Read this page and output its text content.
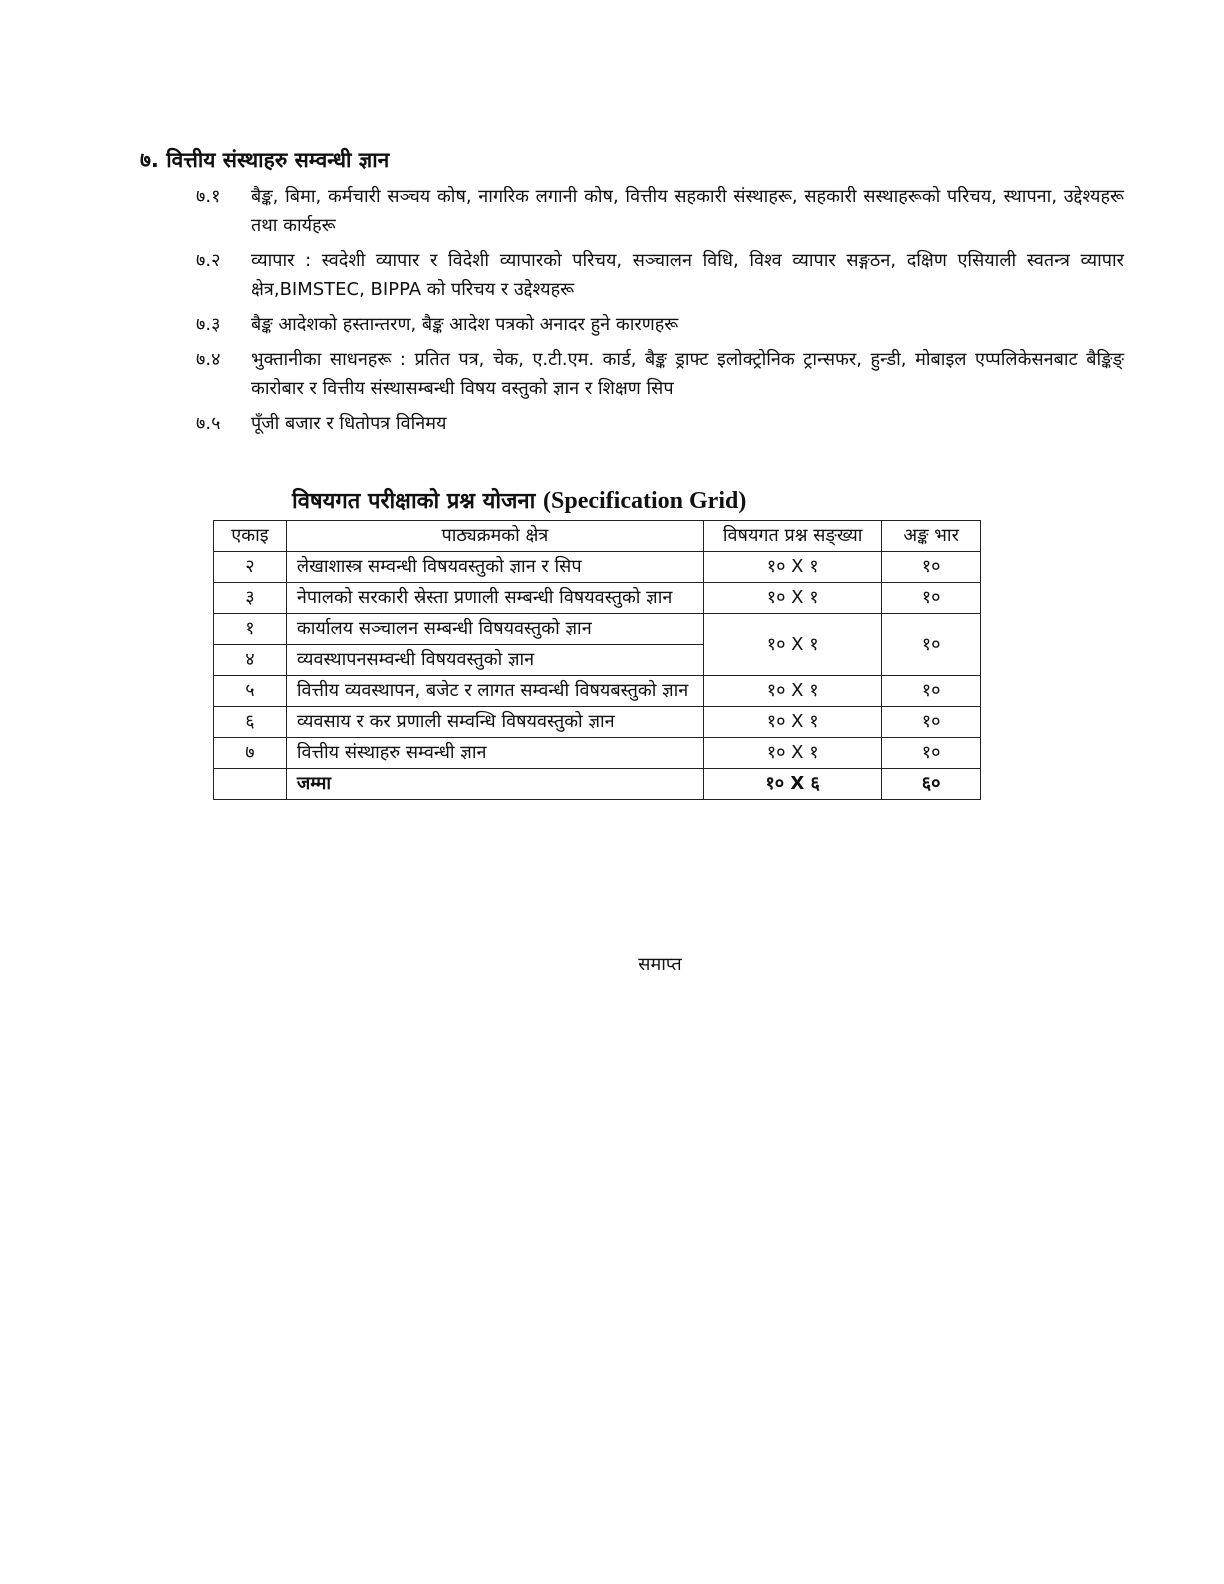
७. वित्तीय संस्थाहरु सम्वन्धी ज्ञान
७.१	बैङ्क, बिमा, कर्मचारी सञ्चय कोष, नागरिक लगानी कोष, वित्तीय सहकारी संस्थाहरू, सहकारी सस्थाहरूको परिचय, स्थापना, उद्देश्यहरू तथा कार्यहरू
७.२	व्यापार : स्वदेशी व्यापार र विदेशी व्यापारको परिचय, सञ्चालन विधि, विश्व व्यापार सङ्गठन, दक्षिण एसियाली स्वतन्त्र व्यापार क्षेत्र,BIMSTEC, BIPPA को परिचय र उद्देश्यहरू
७.३	बैङ्क आदेशको हस्तान्तरण, बैङ्क आदेश पत्रको अनादर हुने कारणहरू
७.४	भुक्तानीका साधनहरू : प्रतित पत्र, चेक, ए.टी.एम. कार्ड, बैङ्क ड्राफ्ट इलोक्ट्रोनिक ट्रान्सफर, हुन्डी, मोबाइल एप्पलिकेसनबाट बैङ्किङ् कारोबार र वित्तीय संस्थासम्बन्धी विषय वस्तुको ज्ञान र शिक्षण सिप
७.५	पूँजी बजार र धितोपत्र विनिमय
विषयगत परीक्षाको प्रश्न योजना (Specification Grid)
एकाइ	पाठ्यक्रमको क्षेत्र	विषयगत प्रश्न सङ्ख्या	अङ्क भार
२	लेखाशास्त्र सम्वन्धी विषयवस्तुको ज्ञान र सिप	१० X १	१०
३	नेपालको सरकारी स्रेस्ता प्रणाली सम्बन्धी विषयवस्तुको ज्ञान	१० X १	१०
१	कार्यालय सञ्चालन सम्बन्धी विषयवस्तुको ज्ञान	१० X १	१०
४	व्यवस्थापनसम्वन्धी विषयवस्तुको ज्ञान		
५	वित्तीय व्यवस्थापन, बजेट र लागत सम्वन्धी विषयबस्तुको ज्ञान	१० X १	१०
६	व्यवसाय र कर प्रणाली सम्वन्धि विषयवस्तुको ज्ञान	१० X १	१०
७	वित्तीय संस्थाहरु सम्वन्धी ज्ञान	१० X १	१०
	जम्मा	१० X ६	६०
समाप्त
